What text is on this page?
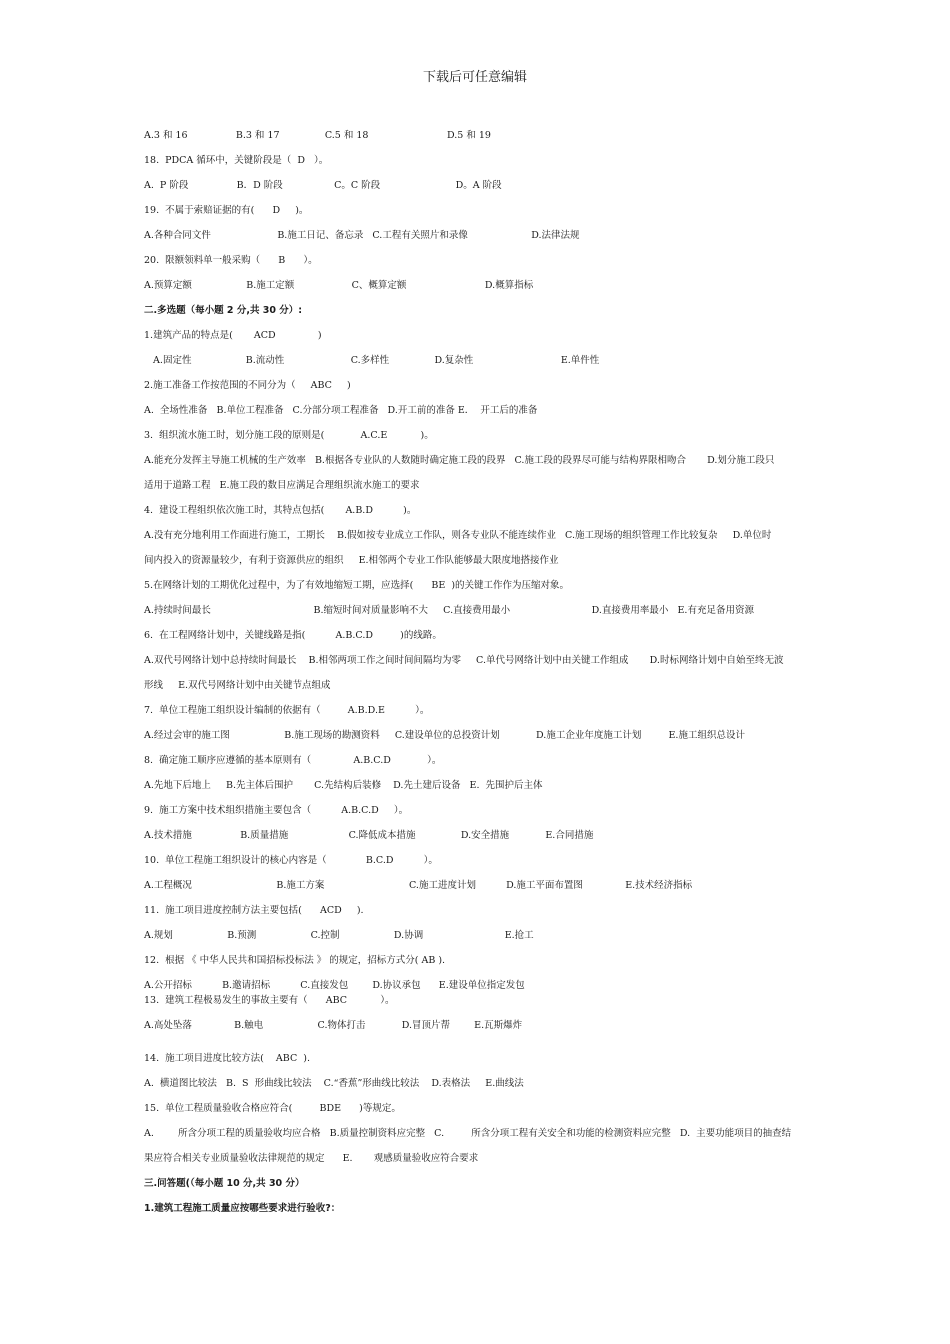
下载后可任意编辑
A.3 和 16                B.3 和 17               C.5 和 18                          D.5 和 19
18.  PDCA 循环中，关键阶段是（  D   ）。
A.  P 阶段                B．D 阶段                 C。C 阶段                         D。A 阶段
19.  不属于索赔证据的有(      D     )。
A.各种合同文件                      B.施工日记、备忘录   C.工程有关照片和录像                     D.法律法规
20.  限额领料单一般采购（      B      ）。
A.预算定额                  B.施工定额                   C、概算定额                          D.概算指标
二.多选题（每小题 2 分,共 30 分）:
1.建筑产品的特点是(       ACD              )
A.固定性                  B.流动性                      C.多样性               D.复杂性                             E.单件性
2.施工准备工作按范围的不同分为（     ABC     )
A.  全场性准备   B.单位工程准备   C.分部分项工程准备   D.开工前的准备 E．  开工后的准备
3.  组织流水施工时，划分施工段的原则是(            A.C.E           )。
A.能充分发挥主导施工机械的生产效率   B.根据各专业队的人数随时确定施工段的段界   C.施工段的段界尽可能与结构界限相吻合       D.划分施工段只
适用于道路工程   E.施工段的数目应满足合理组织流水施工的要求
4.  建设工程组织依次施工时，其特点包括(       A.B.D          )。
A.没有充分地利用工作面进行施工，工期长    B.假如按专业成立工作队，则各专业队不能连续作业   C.施工现场的组织管理工作比较复杂     D.单位时
间内投入的资源量较少，有利于资源供应的组织     E.相邻两个专业工作队能够最大限度地搭接作业
5.在网络计划的工期优化过程中，为了有效地缩短工期，应选择(      BE  )的关键工作作为压缩对象。
A.持续时间最长                                  B.缩短时间对质量影响不大     C.直接费用最小                           D.直接费用率最小   E.有充足备用资源
6.  在工程网络计划中，关键线路是指(          A.B.C.D         )的线路。
A.双代号网络计划中总持续时间最长    B.相邻两项工作之间时间间隔均为零     C.单代号网络计划中由关键工作组成       D.时标网络计划中自始至终无波
形线     E.双代号网络计划中由关键节点组成
7.  单位工程施工组织设计编制的依据有（         A.B.D.E          ）。
A.经过会审的施工图                  B.施工现场的勘测资料     C.建设单位的总投资计划            D.施工企业年度施工计划         E.施工组织总设计
8.  确定施工顺序应遵循的基本原则有（              A.B.C.D            ）。
A.先地下后地上     B.先主体后围护       C.先结构后装修    D.先土建后设备   E.  先围护后主体
9.  施工方案中技术组织措施主要包含（          A.B.C.D     ）。
A.技术措施                B.质量措施                    C.降低成本措施               D.安全措施            E.合同措施
10.  单位工程施工组织设计的核心内容是（             B.C.D          ）。
A.工程概况                            B.施工方案                            C.施工进度计划          D.施工平面布置图              E.技术经济指标
11.  施工项目进度控制方法主要包括(      ACD     ).
A.规划                  B.预测                  C.控制                  D.协调                           E.抢工
12.  根据 《 中华人民共和国招标投标法 》 的规定，招标方式分( AB ).
A.公开招标          B.邀请招标          C.直接发包        D.协议承包      E.建设单位指定发包
13.  建筑工程极易发生的事故主要有（      ABC           ）。
A.高处坠落              B.触电                  C.物体打击            D.冒顶片帮        E.瓦斯爆炸
14.  施工项目进度比较方法(    ABC  ).
A.  横道图比较法   B.  S  形曲线比较法    C.“香蕉”形曲线比较法    D.表格法     E.曲线法
15.  单位工程质量验收合格应符合(         BDE      )等规定。
A.        所含分项工程的质量验收均应合格   B.质量控制资料应完整   C.         所含分项工程有关安全和功能的检测资料应完整   D.  主要功能项目的抽查结
果应符合相关专业质量验收法律规范的规定      E.       观感质量验收应符合要求
三.问答题(（每小题 10 分,共 30 分）
1.建筑工程施工质量应按哪些要求进行验收?：
